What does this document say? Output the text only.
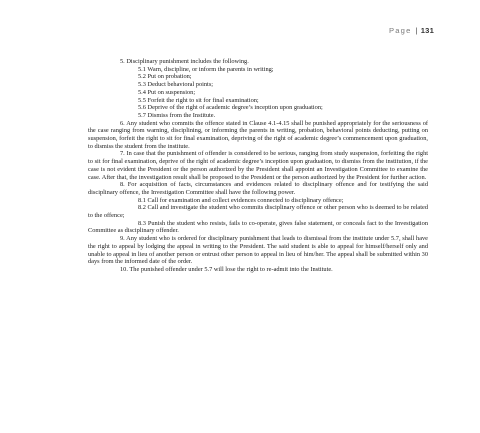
Page | 131

5. Disciplinary punishment includes the following.

5.1 Warn, discipline, or inform the parents in writing;

5.2 Put on probation;

5.3 Deduct behavioral points;

5.4 Put on suspension;

5.5 Forfeit the right to sit for final examination;

5.6 Deprive of the right of academic degree’s inception upon graduation;

5.7 Dismiss from the Institute.

6. Any student who commits the offence stated in Clause 4.1-4.15 shall be punished appropriately for the seriousness of the case ranging from warning, disciplining, or informing the parents in writing, probation, behavioral points deducting, putting on suspension, forfeit the right to sit for final examination, depriving of the right of academic degree’s commencement upon graduation, to dismiss the student from the institute.

7. In case that the punishment of offender is considered to be serious, ranging from study suspension, forfeiting the right to sit for final examination, deprive of the right of academic degree’s inception upon graduation, to dismiss from the institution, if the case is not evident the President or the person authorized by the President shall appoint an Investigation Committee to examine the case. After that, the investigation result shall be proposed to the President or the person authorized by the President for further action.

8. For acquisition of facts, circumstances and evidences related to disciplinary offence and for testifying the said disciplinary offence, the Investigation Committee shall have the following power.

8.1 Call for examination and collect evidences connected to disciplinary offence;

8.2 Call and investigate the student who commits disciplinary offence or other person who is deemed to be related to the offence;

8.3 Punish the student who resists, fails to co-operate, gives false statement, or conceals fact to the Investigation Committee as disciplinary offender.

9. Any student who is ordered for disciplinary punishment that leads to dismissal from the institute under 5.7, shall have the right to appeal by lodging the appeal in writing to the President. The said student is able to appeal for himself/herself only and unable to appeal in lieu of another person or entrust other person to appeal in lieu of him/her. The appeal shall be submitted within 30 days from the informed date of the order.

10. The punished offender under 5.7 will lose the right to re-admit into the Institute.
